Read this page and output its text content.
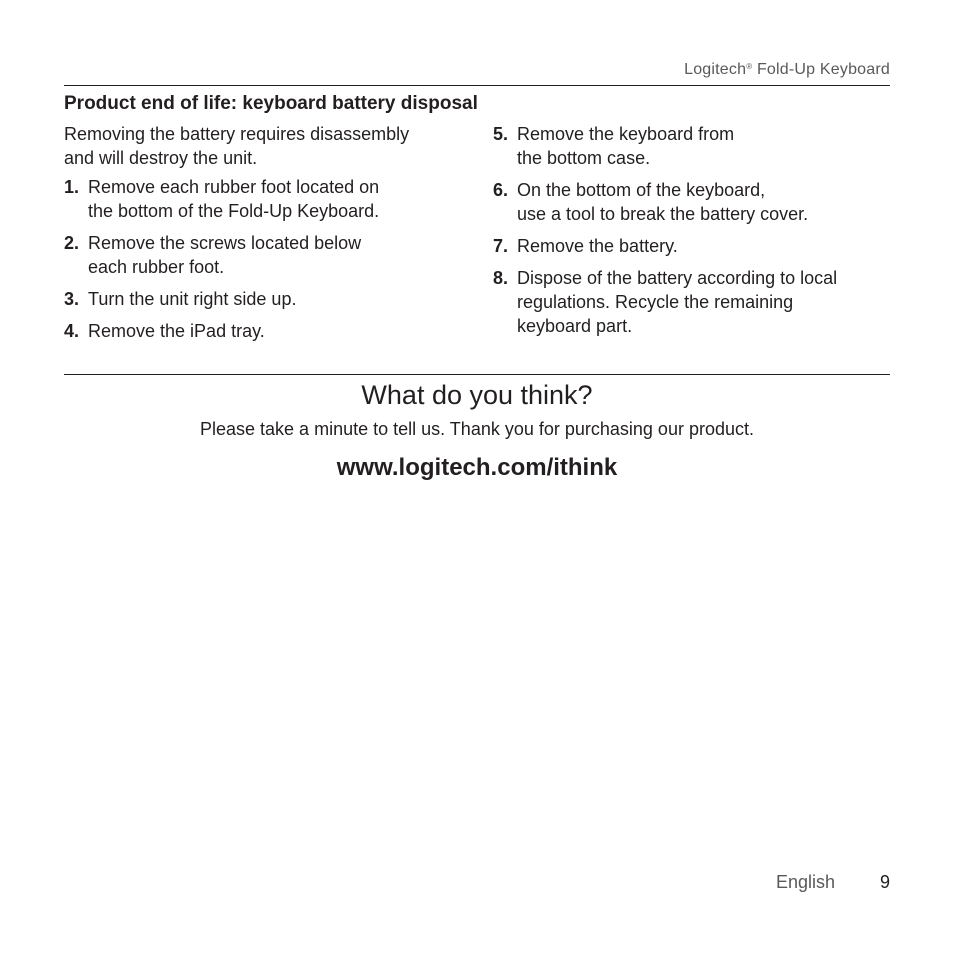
Logitech® Fold-Up Keyboard
Product end of life: keyboard battery disposal

Removing the battery requires disassembly
and will destroy the unit.

1. Remove each rubber foot located on
the bottom of the Fold-Up Keyboard.
2. Remove the screws located below
each rubber foot.
3. Turn the unit right side up.
4. Remove the iPad tray.
5. Remove the keyboard from
the bottom case.
6. On the bottom of the keyboard,
use a tool to break the battery cover.
7. Remove the battery.
8. Dispose of the battery according to local
regulations. Recycle the remaining
keyboard part.
What do you think?
Please take a minute to tell us. Thank you for purchasing our product.
www.logitech.com/ithink
English 9
